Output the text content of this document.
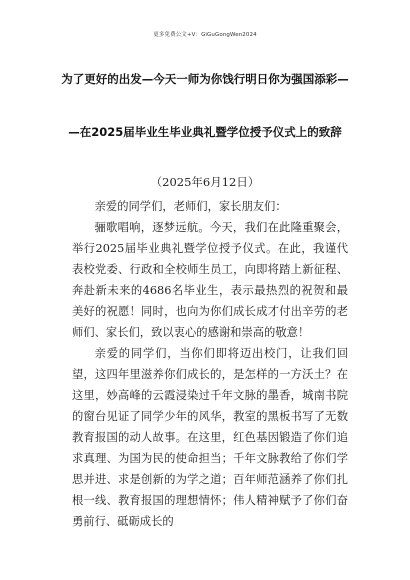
更多免费公文+V：GiGuGongWen2024
为了更好的出发—今天一师为你饯行明日你为强国添彩—
—在2025届毕业生毕业典礼暨学位授予仪式上的致辞
（2025年6月12日）

亲爱的同学们，老师们，家长朋友们：

骊歌唱响，逐梦远航。今天，我们在此隆重聚会，举行2025届毕业典礼暨学位授予仪式。在此，我谨代表校党委、行政和全校师生员工，向即将踏上新征程、奔赴新未来的4686名毕业生，表示最热烈的祝贺和最美好的祝愿！同时，也向为你们成长成才付出辛劳的老师们、家长们，致以衷心的感谢和崇高的敬意！

亲爱的同学们，当你们即将迈出校门，让我们回望，这四年里滋养你们成长的，是怎样的一方沃土？在这里，妙高峰的云霞浸染过千年文脉的墨香，城南书院的窗台见证了同学少年的风华，教室的黑板书写了无数教育报国的动人故事。在这里，红色基因锻造了你们追求真理、为国为民的使命担当；千年文脉教给了你们学思并进、求是创新的为学之道；百年师范涵养了你们扎根一线、教育报国的理想情怀；伟人精神赋予了你们奋勇前行、砥砺成长的
